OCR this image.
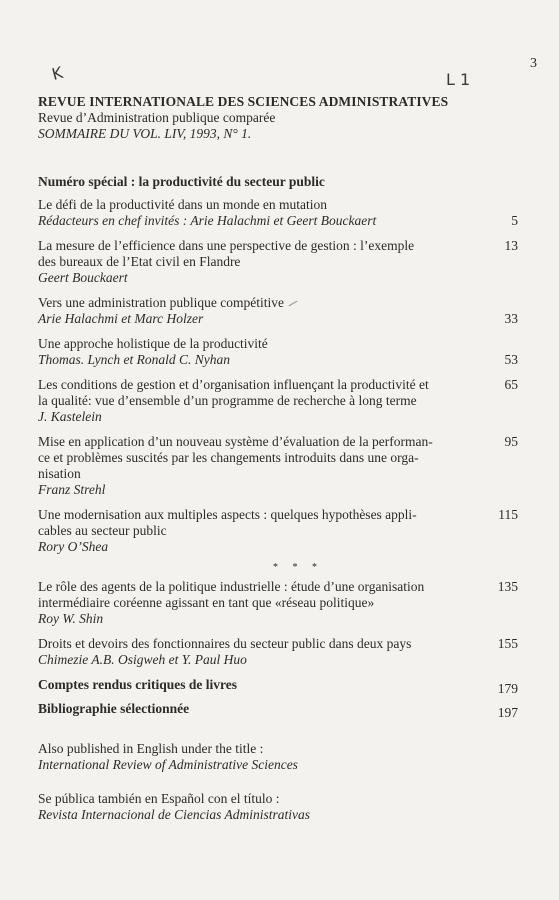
K	L 1
3
REVUE INTERNATIONALE DES SCIENCES ADMINISTRATIVES
Revue d’Administration publique comparée
SOMMAIRE DU VOL. LIV, 1993, N° 1.
Numéro spécial : la productivité du secteur public
Le défi de la productivité dans un monde en mutation
Rédacteurs en chef invités : Arie Halachmi et Geert Bouckaert	5
La mesure de l’efficience dans une perspective de gestion : l’exemple
des bureaux de l’Etat civil en Flandre
Geert Bouckaert
13
Vers une administration publique compétitive
Arie Halachmi et Marc Holzer	33
Une approche holistique de la productivité
Thomas. Lynch et Ronald C. Nyhan	53
Les conditions de gestion et d’organisation influençant la productivité et
la qualité: vue d’ensemble d’un programme de recherche à long terme
J. Kastelein
65
Mise en application d’un nouveau système d’évaluation de la performan-
ce et problèmes suscités par les changements introduits dans une orga-
nisation
Franz Strehl
95
Une modernisation aux multiples aspects : quelques hypothèses appli-
cables au secteur public
Rory O’Shea
115
* * *
Le rôle des agents de la politique industrielle : étude d’une organisation
intermédiaire coréenne agissant en tant que «réseau politique»
Roy W. Shin
135
Droits et devoirs des fonctionnaires du secteur public dans deux pays
Chimezie A.B. Osigweh et Y. Paul Huo
155
Comptes rendus critiques de livres	179
Bibliographie sélectionnée	197
Also published in English under the title :
International Review of Administrative Sciences
Se pública también en Español con el título :
Revista Internacional de Ciencias Administrativas
